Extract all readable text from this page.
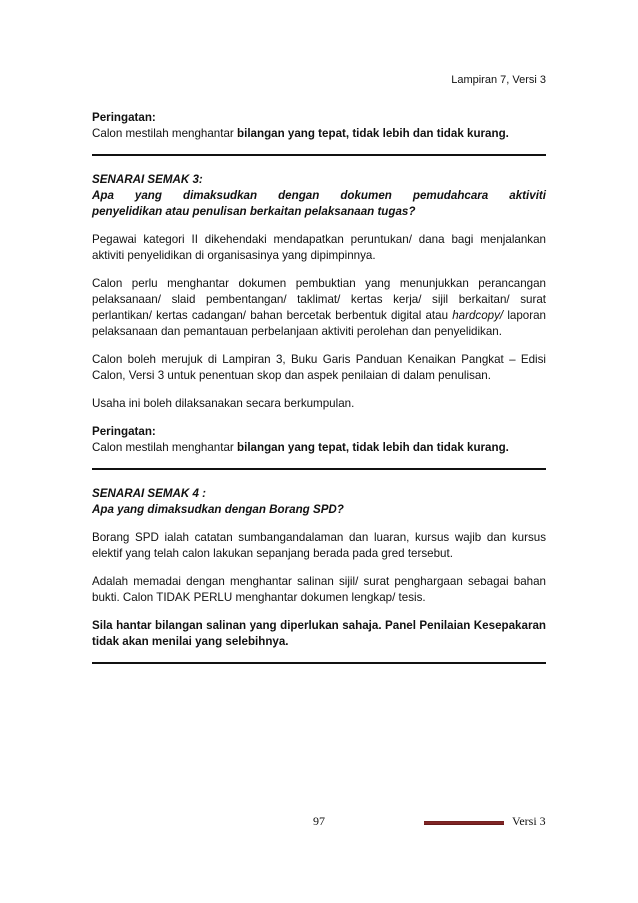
Lampiran 7, Versi 3

Peringatan:

Calon mestilah menghantar bilangan yang tepat, tidak lebih dan tidak kurang.

SENARAI SEMAK 3:

Apa yang dimaksudkan dengan dokumen pemudahcara aktiviti

penyelidikan atau penulisan berkaitan pelaksanaan tugas?

Pegawai kategori II dikehendaki mendapatkan peruntukan/ dana bagi menjalankan aktiviti penyelidikan di organisasinya yang dipimpinnya.

Calon perlu menghantar dokumen pembuktian yang menunjukkan perancangan pelaksanaan/ slaid pembentangan/ taklimat/ kertas kerja/ sijil berkaitan/ surat perlantikan/ kertas cadangan/ bahan bercetak berbentuk digital atau hardcopy/ laporan pelaksanaan dan pemantauan perbelanjaan aktiviti perolehan dan penyelidikan.

Calon boleh merujuk di Lampiran 3, Buku Garis Panduan Kenaikan Pangkat – Edisi Calon, Versi 3 untuk penentuan skop dan aspek penilaian di dalam penulisan.

Usaha ini boleh dilaksanakan secara berkumpulan.

Peringatan:

Calon mestilah menghantar bilangan yang tepat, tidak lebih dan tidak kurang.

SENARAI SEMAK 4 :

Apa yang dimaksudkan dengan Borang SPD?

Borang SPD ialah catatan sumbangandalaman dan luaran, kursus wajib dan kursus elektif yang telah calon lakukan sepanjang berada pada gred tersebut.

Adalah memadai dengan menghantar salinan sijil/ surat penghargaan sebagai bahan bukti. Calon TIDAK PERLU menghantar dokumen lengkap/ tesis.

Sila hantar bilangan salinan yang diperlukan sahaja. Panel Penilaian Kesepakaran tidak akan menilai yang selebihnya.

97	Versi 3
